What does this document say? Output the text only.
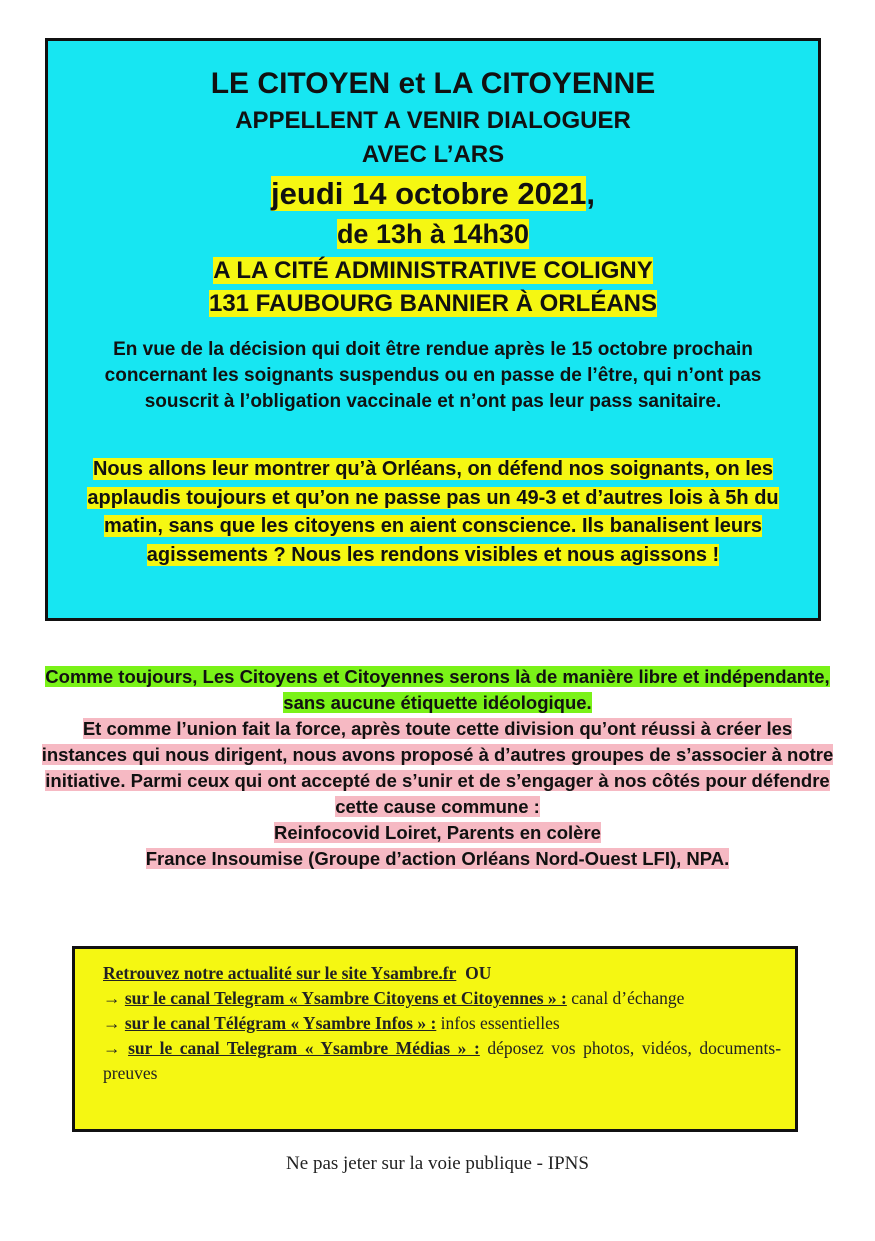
LE CITOYEN et LA CITOYENNE
APPELLENT A VENIR DIALOGUER
AVEC L’ARS
jeudi 14 octobre 2021,
de 13h à 14h30
A LA CITÉ ADMINISTRATIVE COLIGNY
131 FAUBOURG BANNIER À ORLÉANS
En vue de la décision qui doit être rendue après le 15 octobre prochain concernant les soignants suspendus ou en passe de l’être, qui n’ont pas souscrit à l’obligation vaccinale et n’ont pas leur pass sanitaire.
Nous allons leur montrer qu’à Orléans, on défend nos soignants, on les applaudis toujours et qu’on ne passe pas un 49-3 et d’autres lois à 5h du matin, sans que les citoyens en aient conscience. Ils banalisent leurs agissements ? Nous les rendons visibles et nous agissons !

Comme toujours, Les Citoyens et Citoyennes serons là de manière libre et indépendante, sans aucune étiquette idéologique.

Et comme l’union fait la force, après toute cette division qu’ont réussi à créer les instances qui nous dirigent, nous avons proposé à d’autres groupes de s’associer à notre initiative. Parmi ceux qui ont accepté de s’unir et de s’engager à nos côtés pour défendre cette cause commune :

Reinfocovid Loiret, Parents en colère

France Insoumise (Groupe d’action Orléans Nord-Ouest LFI), NPA.

Retrouvez notre actualité sur le site Ysambre.fr OU

→ sur le canal Telegram « Ysambre Citoyens et Citoyennes » : canal d’échange

→ sur le canal Télégram « Ysambre Infos » : infos essentielles

→ sur le canal Telegram « Ysambre Médias » : déposez vos photos, vidéos, documents-preuves

Ne pas jeter sur la voie publique - IPNS
